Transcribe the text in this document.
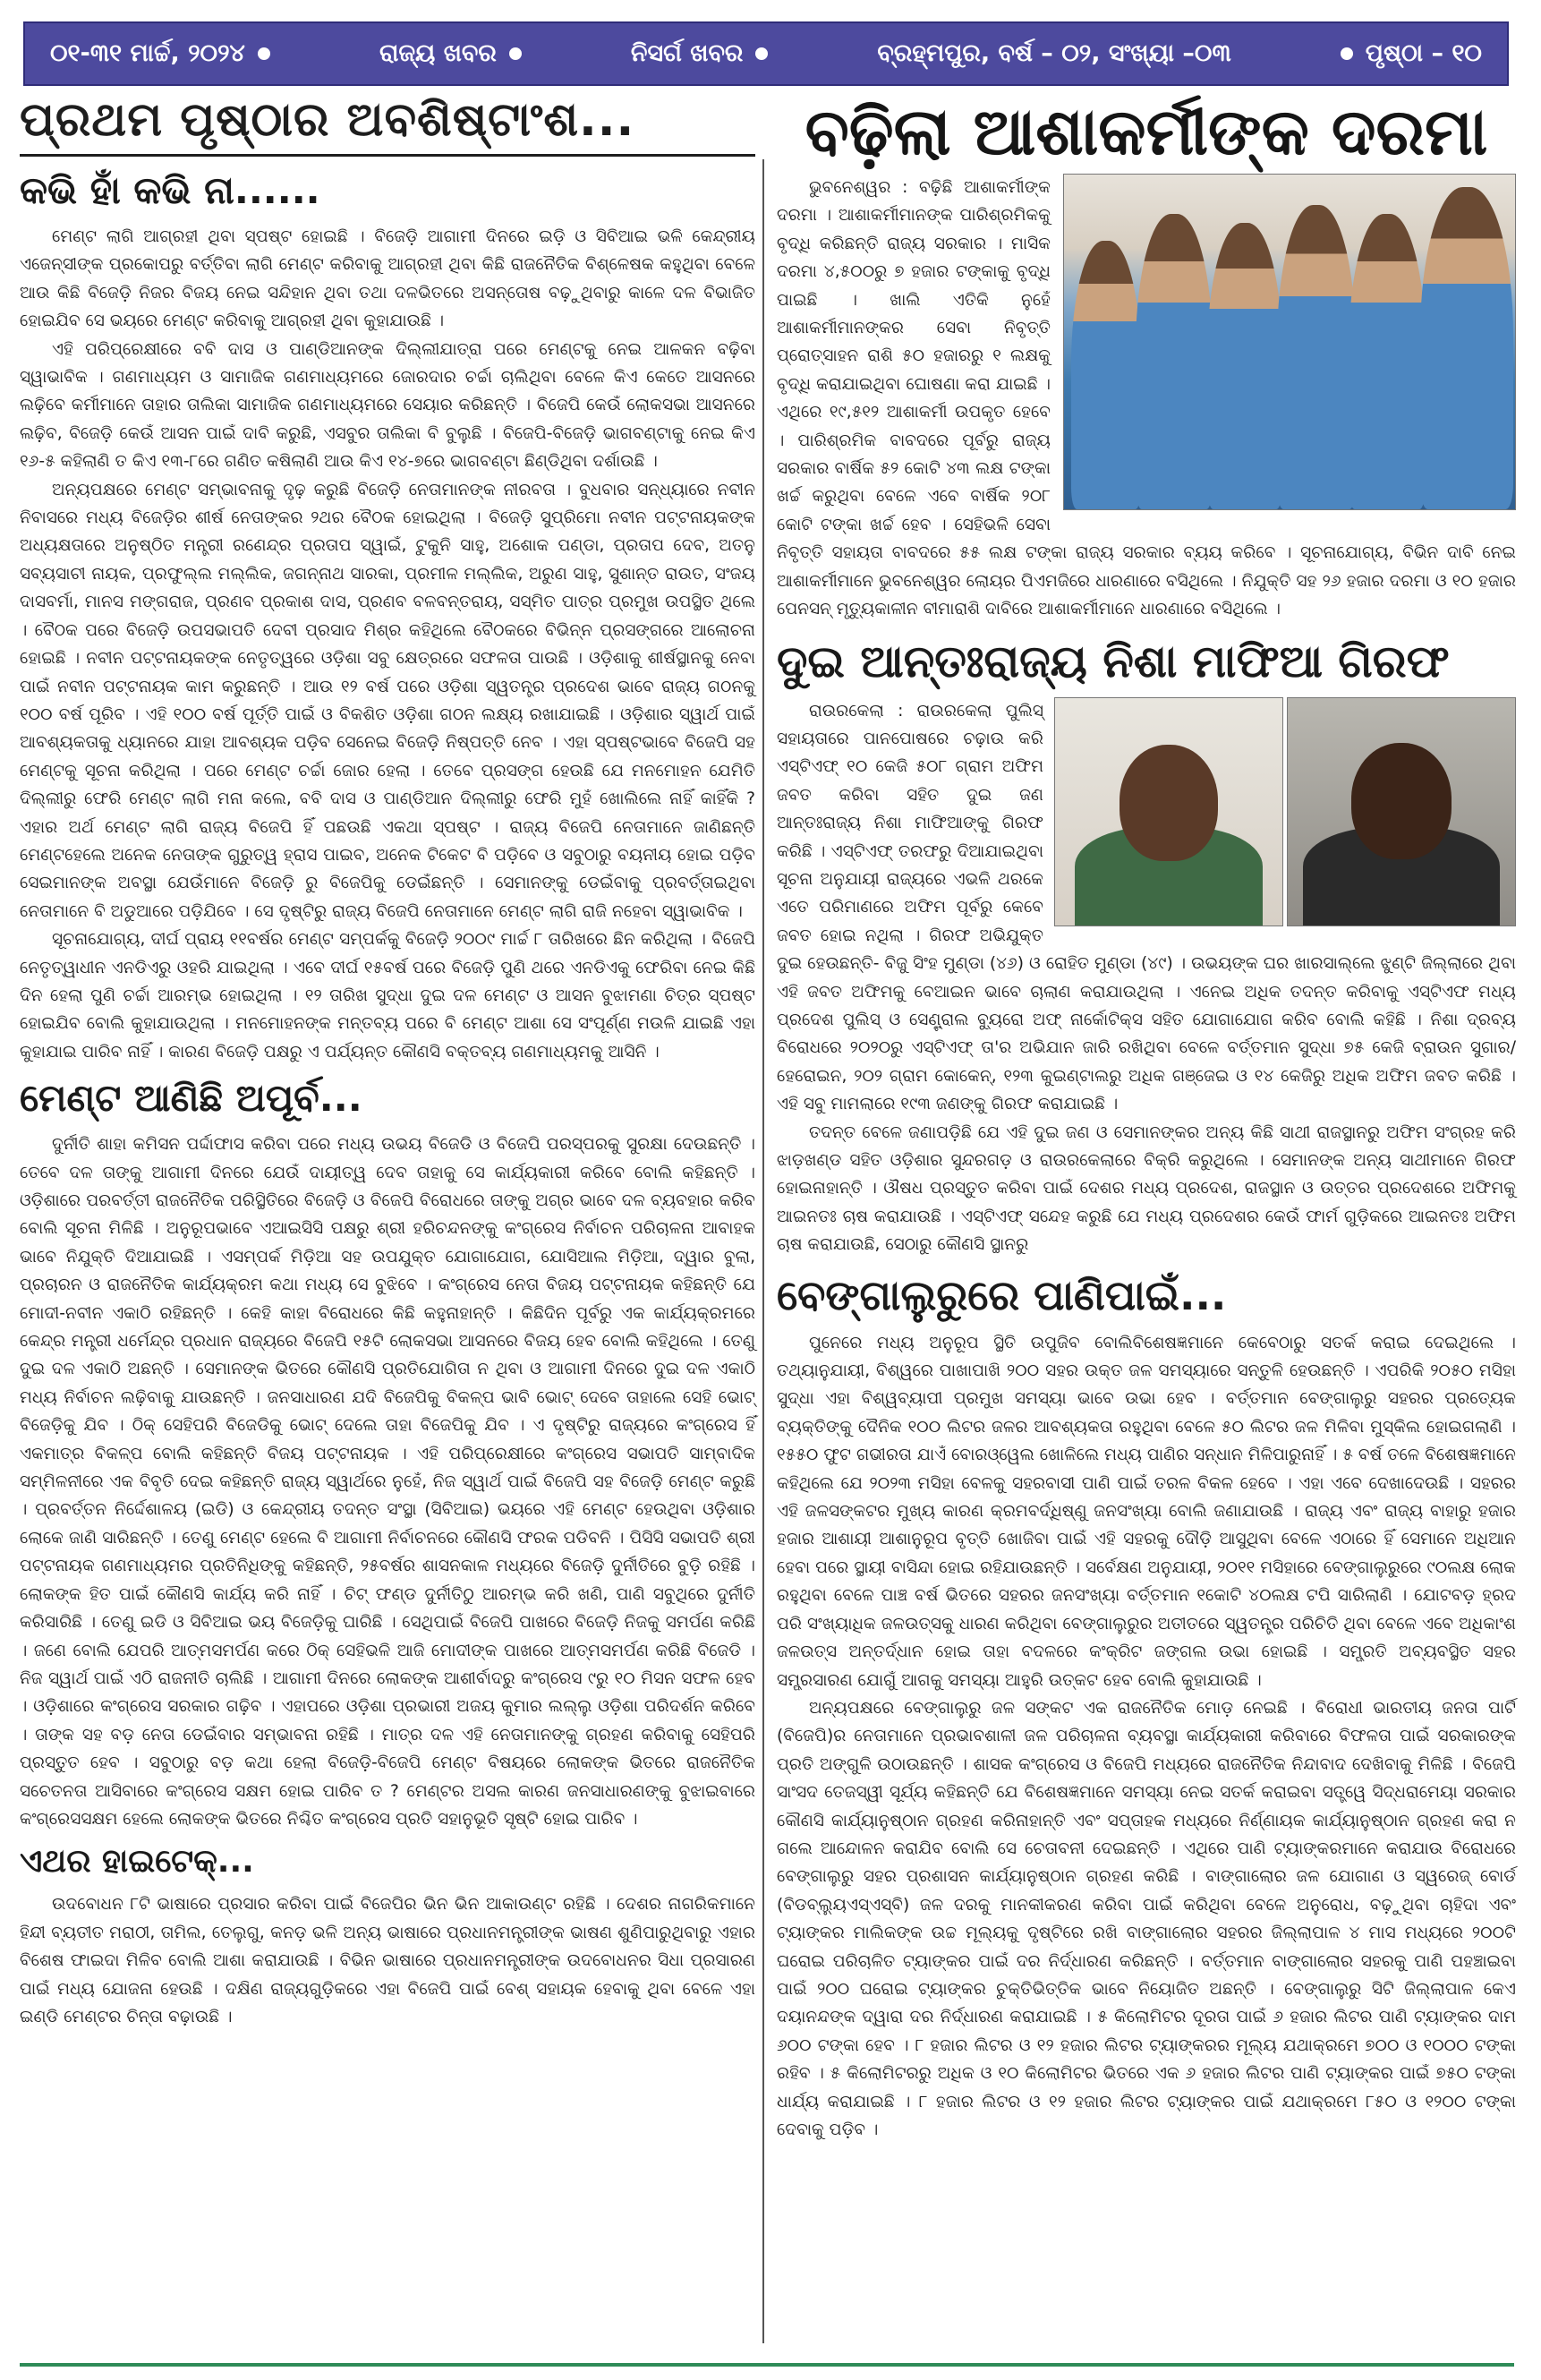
୦୧-୩୧ ମାର୍ଚ୍ଚ, ୨୦୨୪	ରାଜ୍ୟ ଖବର	ନିସର୍ଗ ଖବର	ବ୍ରହ୍ମପୁର, ବର୍ଷ – ୦୨, ସଂଖ୍ୟା –୦୩	ପୃଷ୍ଠା – ୧୦
ପ୍ରଥମ ପୃଷ୍ଠାର ଅବଶିଷ୍ଟାଂଶ...
କଭି ହାଁ କଭି ନା......

ମେଣ୍ଟ ଲାଗି ଆଗ୍ରହୀ ଥିବା ସ୍ପଷ୍ଟ ହୋଇଛି । ବିଜେଡ଼ି ଆଗାମୀ ଦିନରେ ଇଡ଼ି ଓ ସିବିଆଇ ଭଳି କେନ୍ଦ୍ରୀୟ ଏଜେନ୍ସୀଙ୍କ ପ୍ରକୋପରୁ ବର୍ତ୍ତିବା ଲାଗି ମେଣ୍ଟ କରିବାକୁ ଆଗ୍ରହୀ ଥିବା କିଛି ରାଜନୈତିକ ବିଶ୍ଳେଷକ କହୁଥିବା ବେଳେ ଆଉ କିଛି ବିଜେଡ଼ି ନିଜର ବିଜୟ ନେଇ ସନ୍ଦିହାନ ଥିବା ତଥା ଦଳଭିତରେ ଅସନ୍ତୋଷ ବଢ଼ୁଥିବାରୁ କାଳେ ଦଳ ବିଭାଜିତ ହୋଇଯିବ ସେ ଭୟରେ ମେଣ୍ଟ କରିବାକୁ ଆଗ୍ରହୀ ଥିବା କୁହାଯାଉଛି ।

ଏହି ପରିପ୍ରେକ୍ଷୀରେ ବବି ଦାସ ଓ ପାଣ୍ଡିଆନଙ୍କ ଦିଲ୍ଲୀଯାତ୍ରା ପରେ ମେଣ୍ଟକୁ ନେଇ ଆଳକନ ବଢ଼ିବା ସ୍ୱାଭାବିକ । ଗଣମାଧ୍ୟମ ଓ ସାମାଜିକ ଗଣମାଧ୍ୟମରେ ଜୋରଦାର ଚର୍ଚ୍ଚା ଚାଲିଥିବା ବେଳେ କିଏ କେତେ ଆସନରେ ଲଢ଼ିବେ କର୍ମୀମାନେ ତାହାର ତାଲିକା ସାମାଜିକ ଗଣମାଧ୍ୟମରେ ସେୟାର କରିଛନ୍ତି । ବିଜେପି କେଉଁ ଲୋକସଭା ଆସନରେ ଲଢ଼ିବ, ବିଜେଡ଼ି କେଉଁ ଆସନ ପାଇଁ ଦାବି କରୁଛି, ଏସବୁର ତାଲିକା ବି ବୁଲୁଛି । ବିଜେପି-ବିଜେଡ଼ି ଭାଗବଣ୍ଟାକୁ ନେଇ କିଏ ୧୬-୫ କହିଲାଣି ତ କିଏ ୧୩-୮ରେ ଗଣିତ କଷିଲାଣି ଆଉ କିଏ ୧୪-୭ରେ ଭାଗବଣ୍ଟା ଛିଣ୍ଡିଥିବା ଦର୍ଶାଉଛି ।

ଅନ୍ୟପକ୍ଷରେ ମେଣ୍ଟ ସମ୍ଭାବନାକୁ ଦୃଢ଼ କରୁଛି ବିଜେଡ଼ି ନେତାମାନଙ୍କ ନୀରବତା । ବୁଧବାର ସନ୍ଧ୍ୟାରେ ନବୀନ ନିବାସରେ ମଧ୍ୟ ବିଜେଡ଼ିର ଶୀର୍ଷ ନେତାଙ୍କର ୨ଥର ବୈଠକ ହୋଇଥିଲା । ବିଜେଡ଼ି ସୁପ୍ରିମୋ ନବୀନ ପଟ୍ଟନାୟକଙ୍କ ଅଧ୍ୟକ୍ଷତାରେ ଅନୁଷ୍ଠିତ ମନ୍ତ୍ରୀ ରଣେନ୍ଦ୍ର ପ୍ରତାପ ସ୍ୱାଇଁ, ଟୁକୁନି ସାହୁ, ଅଶୋକ ପଣ୍ଡା, ପ୍ରତାପ ଦେବ, ଅତନୁ ସବ୍ୟସାଚୀ ନାୟକ, ପ୍ରଫୁଲ୍ଲ ମଲ୍ଲିକ, ଜଗନ୍ନାଥ ସାରକା, ପ୍ରମୀଳ ମଲ୍ଲିକ, ଅରୁଣ ସାହୁ, ସୁଶାନ୍ତ ରାଉତ, ସଂଜୟ ଦାସବର୍ମା, ମାନସ ମଙ୍ଗରାଜ, ପ୍ରଣବ ପ୍ରକାଶ ଦାସ, ପ୍ରଣବ ବଳବନ୍ତରାୟ, ସସ୍ମିତ ପାତ୍ର ପ୍ରମୁଖ ଉପସ୍ଥିତ ଥିଲେ । ବୈଠକ ପରେ ବିଜେଡ଼ି ଉପସଭାପତି ଦେବୀ ପ୍ରସାଦ ମିଶ୍ର କହିଥିଲେ ବୈଠକରେ ବିଭିନ୍ନ ପ୍ରସଙ୍ଗରେ ଆଲୋଚନା ହୋଇଛି । ନବୀନ ପଟ୍ଟନାୟକଙ୍କ ନେତୃତ୍ୱରେ ଓଡ଼ିଶା ସବୁ କ୍ଷେତ୍ରରେ ସଫଳତା ପାଉଛି । ଓଡ଼ିଶାକୁ ଶୀର୍ଷସ୍ଥାନକୁ ନେବା ପାଇଁ ନବୀନ ପଟ୍ଟନାୟକ କାମ କରୁଛନ୍ତି । ଆଉ ୧୨ ବର୍ଷ ପରେ ଓଡ଼ିଶା ସ୍ୱତନ୍ତ୍ର ପ୍ରଦେଶ ଭାବେ ରାଜ୍ୟ ଗଠନକୁ ୧୦୦ ବର୍ଷ ପୂରିବ । ଏହି ୧୦୦ ବର୍ଷ ପୂର୍ତ୍ତି ପାଇଁ ଓ ବିକଶିତ ଓଡ଼ିଶା ଗଠନ ଲକ୍ଷ୍ୟ ରଖାଯାଇଛି । ଓଡ଼ିଶାର ସ୍ୱାର୍ଥ ପାଇଁ ଆବଶ୍ୟକତାକୁ ଧ୍ୟାନରେ ଯାହା ଆବଶ୍ୟକ ପଡ଼ିବ ସେନେଇ ବିଜେଡ଼ି ନିଷ୍ପତ୍ତି ନେବ । ଏହା ସ୍ପଷ୍ଟଭାବେ ବିଜେପି ସହ ମେଣ୍ଟକୁ ସୂଚନା କରିଥିଲା । ପରେ ମେଣ୍ଟ ଚର୍ଚ୍ଚା ଜୋର ହେଲା । ତେବେ ପ୍ରସଙ୍ଗ ହେଉଛି ଯେ ମନମୋହନ ଯେମିତି ଦିଲ୍ଲୀରୁ ଫେରି ମେଣ୍ଟ ଲାଗି ମନା କଲେ, ବବି ଦାସ ଓ ପାଣ୍ଡିଆନ ଦିଲ୍ଲୀରୁ ଫେରି ମୁହଁ ଖୋଲିଲେ ନାହିଁ କାହିଁକି ? ଏହାର ଅର୍ଥ ମେଣ୍ଟ ଲାଗି ରାଜ୍ୟ ବିଜେପି ହିଁ ପଛଉଛି ଏକଥା ସ୍ପଷ୍ଟ । ରାଜ୍ୟ ବିଜେପି ନେତାମାନେ ଜାଣିଛନ୍ତି ମେଣ୍ଟହେଲେ ଅନେକ ନେତାଙ୍କ ଗୁରୁତ୍ୱ ହ୍ରାସ ପାଇବ, ଅନେକ ଟିକେଟ ବି ପଡ଼ିବେ ଓ ସବୁଠାରୁ ବୟନୀୟ ହୋଇ ପଡ଼ିବ ସେଇମାନଙ୍କ ଅବସ୍ଥା ଯେଉଁମାନେ ବିଜେଡ଼ି ରୁ ବିଜେପିକୁ ଡେଇଁଛନ୍ତି । ସେମାନଙ୍କୁ ଡେଇଁବାକୁ ପ୍ରବର୍ତ୍ତାଇଥିବା ନେତାମାନେ ବି ଅଡୁଆରେ ପଡ଼ିଯିବେ । ସେ ଦୃଷ୍ଟିରୁ ରାଜ୍ୟ ବିଜେପି ନେତାମାନେ ମେଣ୍ଟ ଲାଗି ରାଜି ନହେବା ସ୍ୱାଭାବିକ ।

ସୂଚନାଯୋଗ୍ୟ, ଦୀର୍ଘ ପ୍ରାୟ ୧୧ବର୍ଷର ମେଣ୍ଟ ସମ୍ପର୍କକୁ ବିଜେଡ଼ି ୨୦୦୯ ମାର୍ଚ୍ଚ ୮ ତାରିଖରେ ଛିନ କରିଥିଲା । ବିଜେପି ନେତୃତ୍ୱାଧୀନ ଏନଡିଏରୁ ଓହରି ଯାଇଥିଲା । ଏବେ ଦୀର୍ଘ ୧୫ବର୍ଷ ପରେ ବିଜେଡ଼ି ପୁଣି ଥରେ ଏନଡିଏକୁ ଫେରିବା ନେଇ କିଛି ଦିନ ହେଲା ପୁଣି ଚର୍ଚ୍ଚା ଆରମ୍ଭ ହୋଇଥିଲା । ୧୨ ତାରିଖ ସୁଦ୍ଧା ଦୁଇ ଦଳ ମେଣ୍ଟ ଓ ଆସନ ବୁଝାମଣା ଚିତ୍ର ସ୍ପଷ୍ଟ ହୋଇଯିବ ବୋଲି କୁହାଯାଉଥିଲା । ମନମୋହନଙ୍କ ମନ୍ତବ୍ୟ ପରେ ବି ମେଣ୍ଟ ଆଶା ସେ ସଂପୂର୍ଣ୍ଣ ମଉଳି ଯାଇଛି ଏହା କୁହାଯାଇ ପାରିବ ନାହିଁ । କାରଣ ବିଜେଡ଼ି ପକ୍ଷରୁ ଏ ପର୍ଯ୍ୟନ୍ତ କୌଣସି ବକ୍ତବ୍ୟ ଗଣମାଧ୍ୟମକୁ ଆସିନି ।

ମେଣ୍ଟ ଆଣିଛି ଅପୂର୍ବ...

ଦୁର୍ନୀତି ଶାହା କମିସନ ପର୍ଦ୍ଦାଫାସ କରିବା ପରେ ମଧ୍ୟ ଉଭୟ ବିଜେଡି ଓ ବିଜେପି ପରସ୍ପରକୁ ସୁରକ୍ଷା ଦେଉଛନ୍ତି । ତେବେ ଦଳ ତାଙ୍କୁ ଆଗାମୀ ଦିନରେ ଯେଉଁ ଦାୟୀତ୍ୱ ଦେବ ତାହାକୁ ସେ କାର୍ଯ୍ୟକାରୀ କରିବେ ବୋଲି କହିଛନ୍ତି । ଓଡ଼ିଶାରେ ପରବର୍ତ୍ତୀ ରାଜନୈତିକ ପରିସ୍ଥିତିରେ ବିଜେଡ଼ି ଓ ବିଜେପି ବିରୋଧରେ ତାଙ୍କୁ ଅଗ୍ର ଭାବେ ଦଳ ବ୍ୟବହାର କରିବ ବୋଲି ସୂଚନା ମିଳିଛି । ଅନୁରୂପଭାବେ ଏଆଇସିସି ପକ୍ଷରୁ ଶ୍ରୀ ହରିଚନ୍ଦନଙ୍କୁ କଂଗ୍ରେସ ନିର୍ବାଚନ ପରିଚାଳନା ଆବାହକ ଭାବେ ନିଯୁକ୍ତି ଦିଆଯାଇଛି । ଏସମ୍ପର୍କ ମିଡ଼ିଆ ସହ ଉପଯୁକ୍ତ ଯୋଗାଯୋଗ, ଯୋସିଆଲ ମିଡ଼ିଆ, ଦ୍ୱାର ବୁଲା, ପ୍ରଚାରନ ଓ ରାଜନୈତିକ କାର୍ଯ୍ୟକ୍ରମ କଥା ମଧ୍ୟ ସେ ବୁଝିବେ । କଂଗ୍ରେସ ନେତା ବିଜୟ ପଟ୍ଟନାୟକ କହିଛନ୍ତି ଯେ ମୋଦୀ-ନବୀନ ଏକାଠି ରହିଛନ୍ତି । କେହି କାହା ବିରୋଧରେ କିଛି କହୁନାହାନ୍ତି । କିଛିଦିନ ପୂର୍ବରୁ ଏକ କାର୍ଯ୍ୟକ୍ରମରେ କେନ୍ଦ୍ର ମନ୍ତ୍ରୀ ଧର୍ମେନ୍ଦ୍ର ପ୍ରଧାନ ରାଜ୍ୟରେ ବିଜେପି ୧୫ଟି ଲୋକସଭା ଆସନରେ ବିଜୟ ହେବ ବୋଲି କହିଥିଲେ । ତେଣୁ ଦୁଇ ଦଳ ଏକାଠି ଅଛନ୍ତି । ସେମାନଙ୍କ ଭିତରେ କୌଣସି ପ୍ରତିଯୋଗିତା ନ ଥିବା ଓ ଆଗାମୀ ଦିନରେ ଦୁଇ ଦଳ ଏକାଠି ମଧ୍ୟ ନିର୍ବାଚନ ଲଢ଼ିବାକୁ ଯାଉଛନ୍ତି । ଜନସାଧାରଣ ଯଦି ବିଜେପିକୁ ବିକଳ୍ପ ଭାବି ଭୋଟ୍ ଦେବେ ତାହାଲେ ସେହି ଭୋଟ୍ ବିଜେଡ଼ିକୁ ଯିବ । ଠିକ୍ ସେହିପରି ବିଜେଡିକୁ ଭୋଟ୍ ଦେଲେ ତାହା ବିଜେପିକୁ ଯିବ । ଏ ଦୃଷ୍ଟିରୁ ରାଜ୍ୟରେ କଂଗ୍ରେସ ହିଁ ଏକମାତ୍ର ବିକଳ୍ପ ବୋଲି କହିଛନ୍ତି ବିଜୟ ପଟ୍ଟନାୟକ । ଏହି ପରିପ୍ରେକ୍ଷୀରେ କଂଗ୍ରେସ ସଭାପତି ସାମ୍ବାଦିକ ସମ୍ମିଳନୀରେ ଏକ ବିବୃତି ଦେଇ କହିଛନ୍ତି ରାଜ୍ୟ ସ୍ୱାର୍ଥରେ ନୁହେଁ, ନିଜ ସ୍ୱାର୍ଥ ପାଇଁ ବିଜେପି ସହ ବିଜେଡ଼ି ମେଣ୍ଟ କରୁଛି । ପ୍ରବର୍ତ୍ତନ ନିର୍ଦ୍ଦେଶାଳୟ (ଇଡି) ଓ କେନ୍ଦ୍ରୀୟ ତଦନ୍ତ ସଂସ୍ଥା (ସିବିଆଇ) ଭୟରେ ଏହି ମେଣ୍ଟ ହେଉଥିବା ଓଡ଼ିଶାର ଲୋକେ ଜାଣି ସାରିଛନ୍ତି । ତେଣୁ ମେଣ୍ଟ ହେଲେ ବି ଆଗାମୀ ନିର୍ବାଚନରେ କୌଣସି ଫରକ ପଡିବନି । ପିସିସି ସଭାପତି ଶ୍ରୀ ପଟ୍ଟନାୟକ ଗଣମାଧ୍ୟମର ପ୍ରତିନିଧିଙ୍କୁ କହିଛନ୍ତି, ୨୫ବର୍ଷର ଶାସନକାଳ ମଧ୍ୟରେ ବିଜେଡ଼ି ଦୁର୍ନୀତିରେ ବୁଡ଼ି ରହିଛି । ଲୋକଙ୍କ ହିତ ପାଇଁ କୌଣସି କାର୍ଯ୍ୟ କରି ନାହିଁ । ଚିଟ୍ ଫଣ୍ଡ ଦୁର୍ନୀତିଠୁ ଆରମ୍ଭ କରି ଖଣି, ପାଣି ସବୁଥିରେ ଦୁର୍ନୀତି କରିସାରିଛି । ତେଣୁ ଇଡି ଓ ସିବିଆଇ ଭୟ ବିଜେଡ଼ିକୁ ଘାରିଛି । ସେଥିପାଇଁ ବିଜେପି ପାଖରେ ବିଜେଡ଼ି ନିଜକୁ ସମର୍ପଣ କରିଛି । ଜଣେ ବୋଲି ଯେପରି ଆତ୍ମସମର୍ପଣ କରେ ଠିକ୍ ସେହିଭଳି ଆଜି ମୋଦୀଙ୍କ ପାଖରେ ଆତ୍ମସମର୍ପଣ କରିଛି ବିଜେଡି । ନିଜ ସ୍ୱାର୍ଥ ପାଇଁ ଏଠି ରାଜନୀତି ଚାଲିଛି । ଆଗାମୀ ଦିନରେ ଲୋକଙ୍କ ଆଶୀର୍ବାଦରୁ କଂଗ୍ରେସ ୯ରୁ ୧୦ ମିସନ ସଫଳ ହେବ । ଓଡ଼ିଶାରେ କଂଗ୍ରେସ ସରକାର ଗଢ଼ିବ । ଏହାପରେ ଓଡ଼ିଶା ପ୍ରଭାରୀ ଅଜୟ କୁମାର ଲଲ୍ଲୁ ଓଡ଼ିଶା ପରିଦର୍ଶନ କରିବେ । ତାଙ୍କ ସହ ବଡ଼ ନେତା ଡେଇଁବାର ସମ୍ଭାବନା ରହିଛି । ମାତ୍ର ଦଳ ଏହି ନେତାମାନଙ୍କୁ ଗ୍ରହଣ କରିବାକୁ ସେହିପରି ପ୍ରସ୍ତୁତ ହେବ । ସବୁଠାରୁ ବଡ଼ କଥା ହେଲା ବିଜେଡ଼ି-ବିଜେପି ମେଣ୍ଟ ବିଷୟରେ ଲୋକଙ୍କ ଭିତରେ ରାଜନୈତିକ ସଚେତନତା ଆସିବାରେ କଂଗ୍ରେସ ସକ୍ଷମ ହୋଇ ପାରିବ ତ ? ମେଣ୍ଟର ଅସଲ କାରଣ ଜନସାଧାରଣଙ୍କୁ ବୁଝାଇବାରେ କଂଗ୍ରେସସକ୍ଷମ ହେଲେ ଲୋକଙ୍କ ଭିତରେ ନିଶ୍ଚିତ କଂଗ୍ରେସ ପ୍ରତି ସହାନୁଭୂତି ସୃଷ୍ଟି ହୋଇ ପାରିବ ।

ଏଥର ହାଇଟେକ୍...

ଉଦବୋଧନ ୮ଟି ଭାଷାରେ ପ୍ରସାର କରିବା ପାଇଁ ବିଜେପିର ଭିନ ଭିନ ଆକାଉଣ୍ଟ ରହିଛି । ଦେଶର ନାଗରିକମାନେ ହିନ୍ଦୀ ବ୍ୟତୀତ ମରାଠୀ, ତାମିଲ, ତେଲୁଗୁ, କନଡ଼ ଭଳି ଅନ୍ୟ ଭାଷାରେ ପ୍ରଧାନମନ୍ତ୍ରୀଙ୍କ ଭାଷଣ ଶୁଣିପାରୁଥିବାରୁ ଏହାର ବିଶେଷ ଫାଇଦା ମିଳିବ ବୋଲି ଆଶା କରାଯାଉଛି । ବିଭିନ ଭାଷାରେ ପ୍ରଧାନମନ୍ତ୍ରୀଙ୍କ ଉଦବୋଧନର ସିଧା ପ୍ରସାରଣ ପାଇଁ ମଧ୍ୟ ଯୋଜନା ହେଉଛି । ଦକ୍ଷିଣ ରାଜ୍ୟଗୁଡ଼ିକରେ ଏହା ବିଜେପି ପାଇଁ ବେଶ୍ ସହାୟକ ହେବାକୁ ଥିବା ବେଳେ ଏହା ଇଣ୍ଡି ମେଣ୍ଟର ଚିନ୍ତା ବଢ଼ାଉଛି ।

ବଢ଼ିଲା ଆଶାକର୍ମୀଙ୍କ ଦରମା

ଭୁବନେଶ୍ୱର : ବଢ଼ିଛି ଆଶାକର୍ମୀଙ୍କ ଦରମା । ଆଶାକର୍ମୀମାନଙ୍କ ପାରିଶ୍ରମିକକୁ ବୃଦ୍ଧି କରିଛନ୍ତି ରାଜ୍ୟ ସରକାର । ମାସିକ ଦରମା ୪,୫୦୦ରୁ ୭ ହଜାର ଟଙ୍କାକୁ ବୃଦ୍ଧି ପାଇଛି । ଖାଲି ଏତିକି ନୁହେଁ ଆଶାକର୍ମୀମାନଙ୍କର ସେବା ନିବୃତ୍ତି ପ୍ରୋତ୍ସାହନ ରାଶି ୫୦ ହଜାରରୁ ୧ ଲକ୍ଷକୁ ବୃଦ୍ଧି କରାଯାଇଥିବା ଘୋଷଣା କରା ଯାଇଛି । ଏଥିରେ ୧୯,୫୧୨ ଆଶାକର୍ମୀ ଉପକୃତ ହେବେ । ପାରିଶ୍ରମିକ ବାବଦରେ ପୂର୍ବରୁ ରାଜ୍ୟ ସରକାର ବାର୍ଷିକ ୫୨ କୋଟି ୪୩ ଲକ୍ଷ ଟଙ୍କା ଖର୍ଚ୍ଚ କରୁଥିବା ବେଳେ ଏବେ ବାର୍ଷିକ ୨୦୮ କୋଟି ଟଙ୍କା ଖର୍ଚ୍ଚ ହେବ । ସେହିଭଳି ସେବା ନିବୃତ୍ତି ସହାୟତା ବାବଦରେ ୫୫ ଲକ୍ଷ ଟଙ୍କା ରାଜ୍ୟ ସରକାର ବ୍ୟୟ କରିବେ । ସୂଚନାଯୋଗ୍ୟ, ବିଭିନ ଦାବି ନେଇ ଆଶାକର୍ମୀମାନେ ଭୁବନେଶ୍ୱର ଲୋୟର ପିଏମଜିରେ ଧାରଣାରେ ବସିଥିଲେ । ନିଯୁକ୍ତି ସହ ୨୬ ହଜାର ଦରମା ଓ ୧୦ ହଜାର ପେନସନ୍ ମୃତ୍ୟୁକାଳୀନ ବୀମାରାଶି ଦାବିରେ ଆଶାକର୍ମୀମାନେ ଧାରଣାରେ ବସିଥିଲେ ।

ଦୁଇ ଆନ୍ତଃରାଜ୍ୟ ନିଶା ମାଫିଆ ଗିରଫ

ରାଉରକେଲା : ରାଉରକେଲା ପୁଲିସ୍ ସହାୟତାରେ ପାନପୋଷରେ ଚଢ଼ାଉ କରି ଏସ୍‌ଟିଏଫ୍ ୧୦ କେଜି ୫୦୮ ଗ୍ରାମ ଅଫିମ ଜବତ କରିବା ସହିତ ଦୁଇ ଜଣ ଆନ୍ତଃରାଜ୍ୟ ନିଶା ମାଫିଆଙ୍କୁ ଗିରଫ କରିଛି । ଏସ୍‌ଟିଏଫ୍ ତରଫରୁ ଦିଆଯାଇଥିବା ସୂଚନା ଅନୁଯାୟୀ ରାଜ୍ୟରେ ଏଭଳି ଥରକେ ଏତେ ପରିମାଣରେ ଅଫିମ ପୂର୍ବରୁ କେବେ ଜବତ ହୋଇ ନଥିଲା । ଗିରଫ ଅଭିଯୁକ୍ତ ଦୁଇ ହେଉଛନ୍ତି- ବିଜୁ ସିଂହ ମୁଣ୍ଡା (୪୬) ଓ ରୋହିତ ମୁଣ୍ଡା (୪୯) । ଉଭୟଙ୍କ ଘର ଖାରସାଲ୍ଲେ ଝୁଣ୍ଟି ଜିଲ୍ଲାରେ ଥିବା ଏହି ଜବତ ଅଫିମକୁ ବେଆଇନ ଭାବେ ଚାଲାଣ କରାଯାଉଥିଲା । ଏନେଇ ଅଧିକ ତଦନ୍ତ କରିବାକୁ ଏସ୍‌ଟିଏଫ ମଧ୍ୟ ପ୍ରଦେଶ ପୁଲିସ୍ ଓ ସେଣ୍ଟ୍ରାଲ ବ୍ୟୁରୋ ଅଫ୍ ନାର୍କୋଟିକ୍‌ସ ସହିତ ଯୋଗାଯୋଗ କରିବ ବୋଲି କହିଛି । ନିଶା ଦ୍ରବ୍ୟ ବିରୋଧରେ ୨୦୨୦ରୁ ଏସ୍‌ଟିଏଫ୍ ତା'ର ଅଭିଯାନ ଜାରି ରଖିଥିବା ବେଳେ ବର୍ତ୍ତମାନ ସୁଦ୍ଧା ୭୫ କେଜି ବ୍ରାଉନ ସୁଗାର/ହେରୋଇନ, ୨୦୨ ଗ୍ରାମ କୋକେନ୍, ୧୨୩ କୁଇଣ୍ଟାଲରୁ ଅଧିକ ଗଞ୍ଜେଇ ଓ ୧୪ କେଜିରୁ ଅଧିକ ଅଫିମ ଜବତ କରିଛି । ଏହି ସବୁ ମାମଲାରେ ୧୯୩ ଜଣଙ୍କୁ ଗିରଫ କରାଯାଇଛି ।

ତଦନ୍ତ ବେଳେ ଜଣାପଡ଼ିଛି ଯେ ଏହି ଦୁଇ ଜଣ ଓ ସେମାନଙ୍କର ଅନ୍ୟ କିଛି ସାଥୀ ରାଜସ୍ଥାନରୁ ଅଫିମ ସଂଗ୍ରହ କରି ଝାଡ଼ଖଣ୍ଡ ସହିତ ଓଡ଼ିଶାର ସୁନ୍ଦରଗଡ଼ ଓ ରାଉରକେଲାରେ ବିକ୍ରି କରୁଥିଲେ । ସେମାନଙ୍କ ଅନ୍ୟ ସାଥୀମାନେ ଗିରଫ ହୋଇନାହାନ୍ତି । ଔଷଧ ପ୍ରସ୍ତୁତ କରିବା ପାଇଁ ଦେଶର ମଧ୍ୟ ପ୍ରଦେଶ, ରାଜସ୍ଥାନ ଓ ଉତ୍ତର ପ୍ରଦେଶରେ ଅଫିମକୁ ଆଇନତଃ ଚାଷ କରାଯାଉଛି । ଏସ୍‌ଟିଏଫ୍ ସନ୍ଦେହ କରୁଛି ଯେ ମଧ୍ୟ ପ୍ରଦେଶର କେଉଁ ଫାର୍ମ ଗୁଡ଼ିକରେ ଆଇନତଃ ଅଫିମ ଚାଷ କରାଯାଉଛି, ସେଠାରୁ କୌଣସି ସ୍ଥାନରୁ

ବେଙ୍ଗାଲୁରୁରେ ପାଣିପାଇଁ...

ପୁନେରେ ମଧ୍ୟ ଅନୁରୂପ ସ୍ଥିତି ଉପୁଜିବ ବୋଲିବିଶେଷଜ୍ଞମାନେ କେବେଠାରୁ ସତର୍କ କରାଇ ଦେଇଥିଲେ । ତଥ୍ୟାନୁଯାୟୀ, ବିଶ୍ୱରେ ପାଖାପାଖି ୨୦୦ ସହର ଉକ୍ତ ଜଳ ସମସ୍ୟାରେ ସନ୍ତୁଳି ହେଉଛନ୍ତି । ଏପରିକି ୨୦୫୦ ମସିହା ସୁଦ୍ଧା ଏହା ବିଶ୍ୱବ୍ୟାପୀ ପ୍ରମୁଖ ସମସ୍ୟା ଭାବେ ଉଭା ହେବ । ବର୍ତ୍ତମାନ ବେଙ୍ଗାଲୁରୁ ସହରର ପ୍ରତ୍ୟେକ ବ୍ୟକ୍ତିଙ୍କୁ ଦୈନିକ ୧୦୦ ଲିଟର ଜଳର ଆବଶ୍ୟକତା ରହୁଥିବା ବେଳେ ୫୦ ଲିଟର ଜଳ ମିଳିବା ମୁସ୍କିଲ ହୋଇଗଲାଣି । ୧୫୫୦ ଫୁଟ ଗଭୀରତା ଯାଏଁ ବୋରଓ୍ୱେଲ ଖୋଳିଲେ ମଧ୍ୟ ପାଣିର ସନ୍ଧାନ ମିଳିପାରୁନାହିଁ । ୫ ବର୍ଷ ତଳେ ବିଶେଷଜ୍ଞମାନେ କହିଥିଲେ ଯେ ୨୦୨୩ ମସିହା ବେଳକୁ ସହରବାସୀ ପାଣି ପାଇଁ ତରଳ ବିକଳ ହେବେ । ଏହା ଏବେ ଦେଖାଦେଉଛି । ସହରର ଏହି ଜଳସଙ୍କଟର ମୁଖ୍ୟ କାରଣ କ୍ରମବର୍ଦ୍ଧିଷ୍ଣୁ ଜନସଂଖ୍ୟା ବୋଲି ଜଣାଯାଉଛି । ରାଜ୍ୟ ଏବଂ ରାଜ୍ୟ ବାହାରୁ ହଜାର ହଜାର ଆଶାୟୀ ଆଶାନୁରୂପ ବୃତ୍ତି ଖୋଜିବା ପାଇଁ ଏହି ସହରକୁ ଦୌଡ଼ି ଆସୁଥିବା ବେଳେ ଏଠାରେ ହିଁ ସେମାନେ ଅଧିଆନ ହେବା ପରେ ସ୍ଥାୟୀ ବାସିନ୍ଦା ହୋଇ ରହିଯାଉଛନ୍ତି । ସର୍ବେକ୍ଷଣ ଅନୁଯାୟୀ, ୨୦୧୧ ମସିହାରେ ବେଙ୍ଗାଲୁରୁରେ ୯୦ଲକ୍ଷ ଲୋକ ରହୁଥିବା ବେଳେ ପାଞ୍ଚ ବର୍ଷ ଭିତରେ ସହରର ଜନସଂଖ୍ୟା ବର୍ତ୍ତମାନ ୧କୋଟି ୪୦ଲକ୍ଷ ଟପି ସାରିଲାଣି । ଯୋଟବଡ଼ ହ୍ରଦ ପରି ସଂଖ୍ୟାଧିକ ଜଳଉତ୍ସକୁ ଧାରଣ କରିଥିବା ବେଙ୍ଗାଲୁରୁର ଅତୀତରେ ସ୍ୱତନ୍ତ୍ର ପରିଚିତି ଥିବା ବେଳେ ଏବେ ଅଧିକାଂଶ ଜଳଉତ୍ସ ଅନ୍ତର୍ଦ୍ଧାନ ହୋଇ ତାହା ବଦଳରେ କଂକ୍ରିଟ ଜଙ୍ଗଲ ଉଭା ହୋଇଛି । ସମ୍ପ୍ରତି ଅବ୍ୟବସ୍ଥିତ ସହର ସମ୍ପ୍ରସାରଣ ଯୋଗୁଁ ଆଗକୁ ସମସ୍ୟା ଆହୁରି ଉତ୍କଟ ହେବ ବୋଲି କୁହାଯାଉଛି ।

ଅନ୍ୟପକ୍ଷରେ ବେଙ୍ଗାଲୁରୁ ଜଳ ସଙ୍କଟ ଏକ ରାଜନୈତିକ ମୋଡ଼ ନେଇଛି । ବିରୋଧୀ ଭାରତୀୟ ଜନତା ପାର୍ଟି (ବିଜେପି)ର ନେତାମାନେ ପ୍ରଭାବଶାଳୀ ଜଳ ପରିଚାଳନା ବ୍ୟବସ୍ଥା କାର୍ଯ୍ୟକାରୀ କରିବାରେ ବିଫଳତା ପାଇଁ ସରକାରଙ୍କ ପ୍ରତି ଅଙ୍ଗୁଳି ଉଠାଉଛନ୍ତି । ଶାସକ କଂଗ୍ରେସ ଓ ବିଜେପି ମଧ୍ୟରେ ରାଜନୈତିକ ନିନ୍ଦାବାଦ ଦେଖିବାକୁ ମିଳିଛି । ବିଜେପି ସାଂସଦ ତେଜସ୍ୱୀ ସୂର୍ଯ୍ୟ କହିଛନ୍ତି ଯେ ବିଶେଷଜ୍ଞମାନେ ସମସ୍ୟା ନେଇ ସତର୍କ କରାଇବା ସତ୍ତ୍ୱେ ସିଦ୍ଧରାମେୟା ସରକାର କୌଣସି କାର୍ଯ୍ୟାନୁଷ୍ଠାନ ଗ୍ରହଣ କରିନାହାନ୍ତି ଏବଂ ସପ୍ତାହକ ମଧ୍ୟରେ ନିର୍ଣ୍ଣାୟକ କାର୍ଯ୍ୟାନୁଷ୍ଠାନ ଗ୍ରହଣ କରା ନ ଗଲେ ଆନ୍ଦୋଳନ କରାଯିବ ବୋଲି ସେ ଚେତାବନୀ ଦେଇଛନ୍ତି । ଏଥିରେ ପାଣି ଟ୍ୟାଙ୍କରମାନେ କରାଯାଉ ବିରୋଧରେ ବେଙ୍ଗାଲୁରୁ ସହର ପ୍ରଶାସନ କାର୍ଯ୍ୟାନୁଷ୍ଠାନ ଗ୍ରହଣ କରିଛି । ବାଙ୍ଗାଲୋର ଜଳ ଯୋଗାଣ ଓ ସ୍ୱରେଜ୍ ବୋର୍ଡ (ବିଡବ୍ଲ୍ୟୁଏସ୍‌ଏସ୍‌ବି) ଜଳ ଦରକୁ ମାନକୀକରଣ କରିବା ପାଇଁ କରିଥିବା ବେଳେ ଅନୁରୋଧ, ବଢ଼ୁଥିବା ଚାହିଦା ଏବଂ ଟ୍ୟାଙ୍କର ମାଲିକଙ୍କ ଉଚ୍ଚ ମୂଲ୍ୟକୁ ଦୃଷ୍ଟିରେ ରଖି ବାଙ୍ଗାଲୋର ସହରର ଜିଲ୍ଲାପାଳ ୪ ମାସ ମଧ୍ୟରେ ୨୦୦ଟି ଘରୋଇ ପରିଚାଳିତ ଟ୍ୟାଙ୍କର ପାଇଁ ଦର ନିର୍ଦ୍ଧାରଣ କରିଛନ୍ତି । ବର୍ତ୍ତମାନ ବାଙ୍ଗାଲୋର ସହରକୁ ପାଣି ପହଞ୍ଚାଇବା ପାଇଁ ୨୦୦ ଘରୋଇ ଟ୍ୟାଙ୍କର ଚୁକ୍ତିଭିତ୍ତିକ ଭାବେ ନିୟୋଜିତ ଅଛନ୍ତି । ବେଙ୍ଗାଲୁରୁ ସିଟି ଜିଲ୍ଲାପାଳ କେଏ ଦୟାନନ୍ଦଙ୍କ ଦ୍ୱାରା ଦର ନିର୍ଦ୍ଧାରଣ କରାଯାଇଛି । ୫ କିଲୋମିଟର ଦୂରତା ପାଇଁ ୬ ହଜାର ଲିଟର ପାଣି ଟ୍ୟାଙ୍କର ଦାମ ୬୦୦ ଟଙ୍କା ହେବ । ୮ ହଜାର ଲିଟର ଓ ୧୨ ହଜାର ଲିଟର ଟ୍ୟାଙ୍କରର ମୂଲ୍ୟ ଯଥାକ୍ରମେ ୭୦୦ ଓ ୧୦୦୦ ଟଙ୍କା ରହିବ । ୫ କିଲୋମିଟରରୁ ଅଧିକ ଓ ୧୦ କିଲୋମିଟର ଭିତରେ ଏକ ୬ ହଜାର ଲିଟର ପାଣି ଟ୍ୟାଙ୍କର ପାଇଁ ୭୫୦ ଟଙ୍କା ଧାର୍ଯ୍ୟ କରାଯାଇଛି । ୮ ହଜାର ଲିଟର ଓ ୧୨ ହଜାର ଲିଟର ଟ୍ୟାଙ୍କର ପାଇଁ ଯଥାକ୍ରମେ ୮୫୦ ଓ ୧୨୦୦ ଟଙ୍କା ଦେବାକୁ ପଡ଼ିବ ।
